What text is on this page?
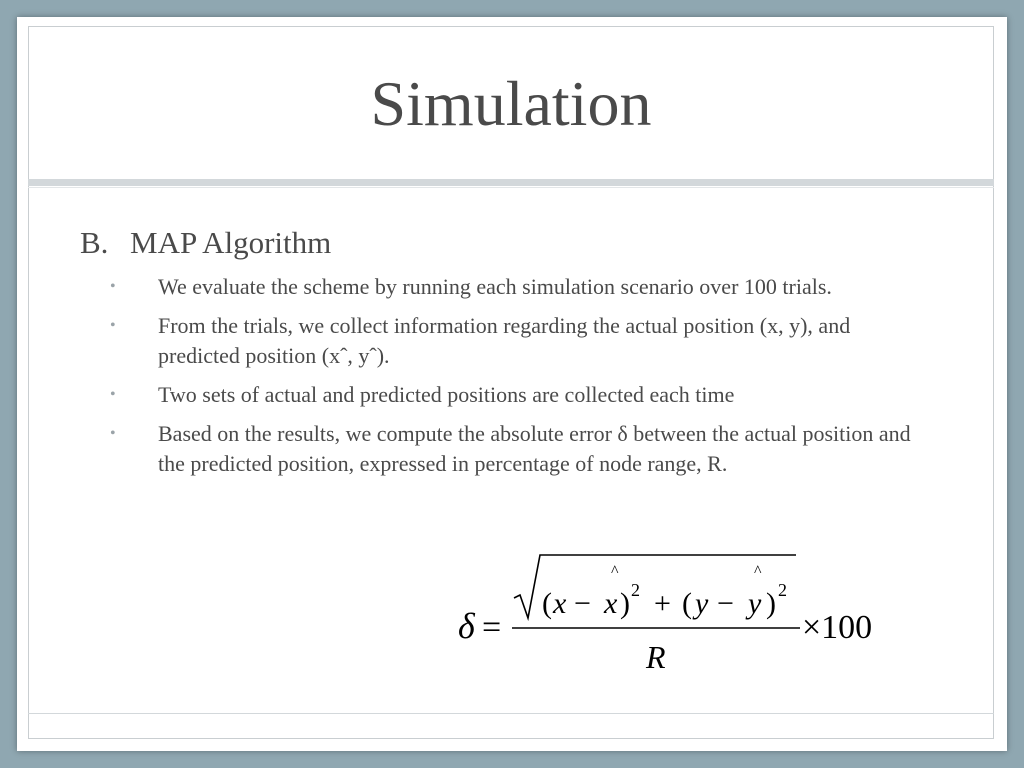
Simulation
B. MAP Algorithm
• We evaluate the scheme by running each simulation scenario over 100 trials.
• From the trials, we collect information regarding the actual position (x, y), and predicted position (xˆ, yˆ).
• Two sets of actual and predicted positions are collected each time
• Based on the results, we compute the absolute error δ between the actual position and the predicted position, expressed in percentage of node range, R.
δ =
( x − x
^
) 2 + ( y − y
^
) 2
R
×100
